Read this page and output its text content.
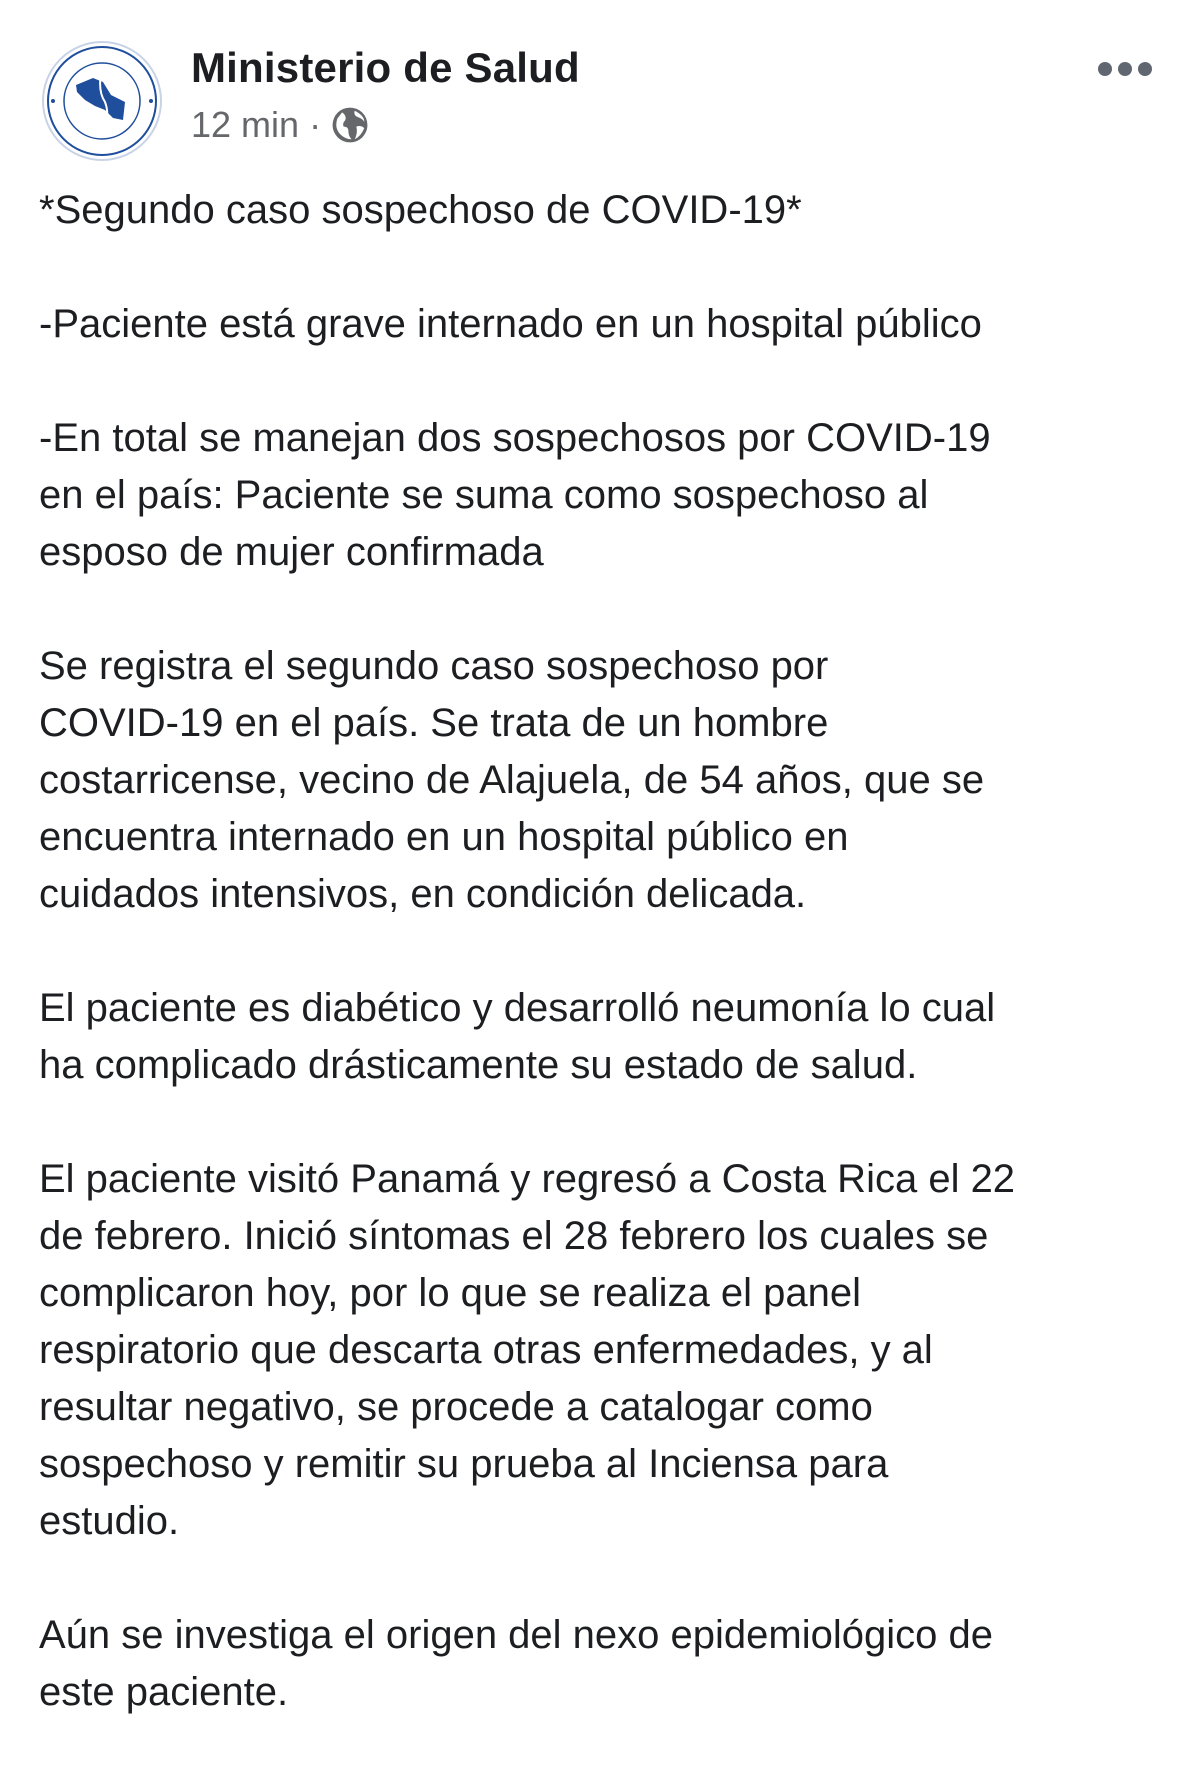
Ministerio de Salud
12 min ·
*Segundo caso sospechoso de COVID-19*
-Paciente está grave internado en un hospital público
-En total se manejan dos sospechosos por COVID-19
en el país: Paciente se suma como sospechoso al
esposo de mujer confirmada
Se registra el segundo caso sospechoso por
COVID-19 en el país. Se trata de un hombre
costarricense, vecino de Alajuela, de 54 años, que se
encuentra internado en un hospital público en
cuidados intensivos, en condición delicada.
El paciente es diabético y desarrolló neumonía lo cual
ha complicado drásticamente su estado de salud.
El paciente visitó Panamá y regresó a Costa Rica el 22
de febrero. Inició síntomas el 28 febrero los cuales se
complicaron hoy, por lo que se realiza el panel
respiratorio que descarta otras enfermedades, y al
resultar negativo, se procede a catalogar como
sospechoso y remitir su prueba al Inciensa para
estudio.
Aún se investiga el origen del nexo epidemiológico de
este paciente.
